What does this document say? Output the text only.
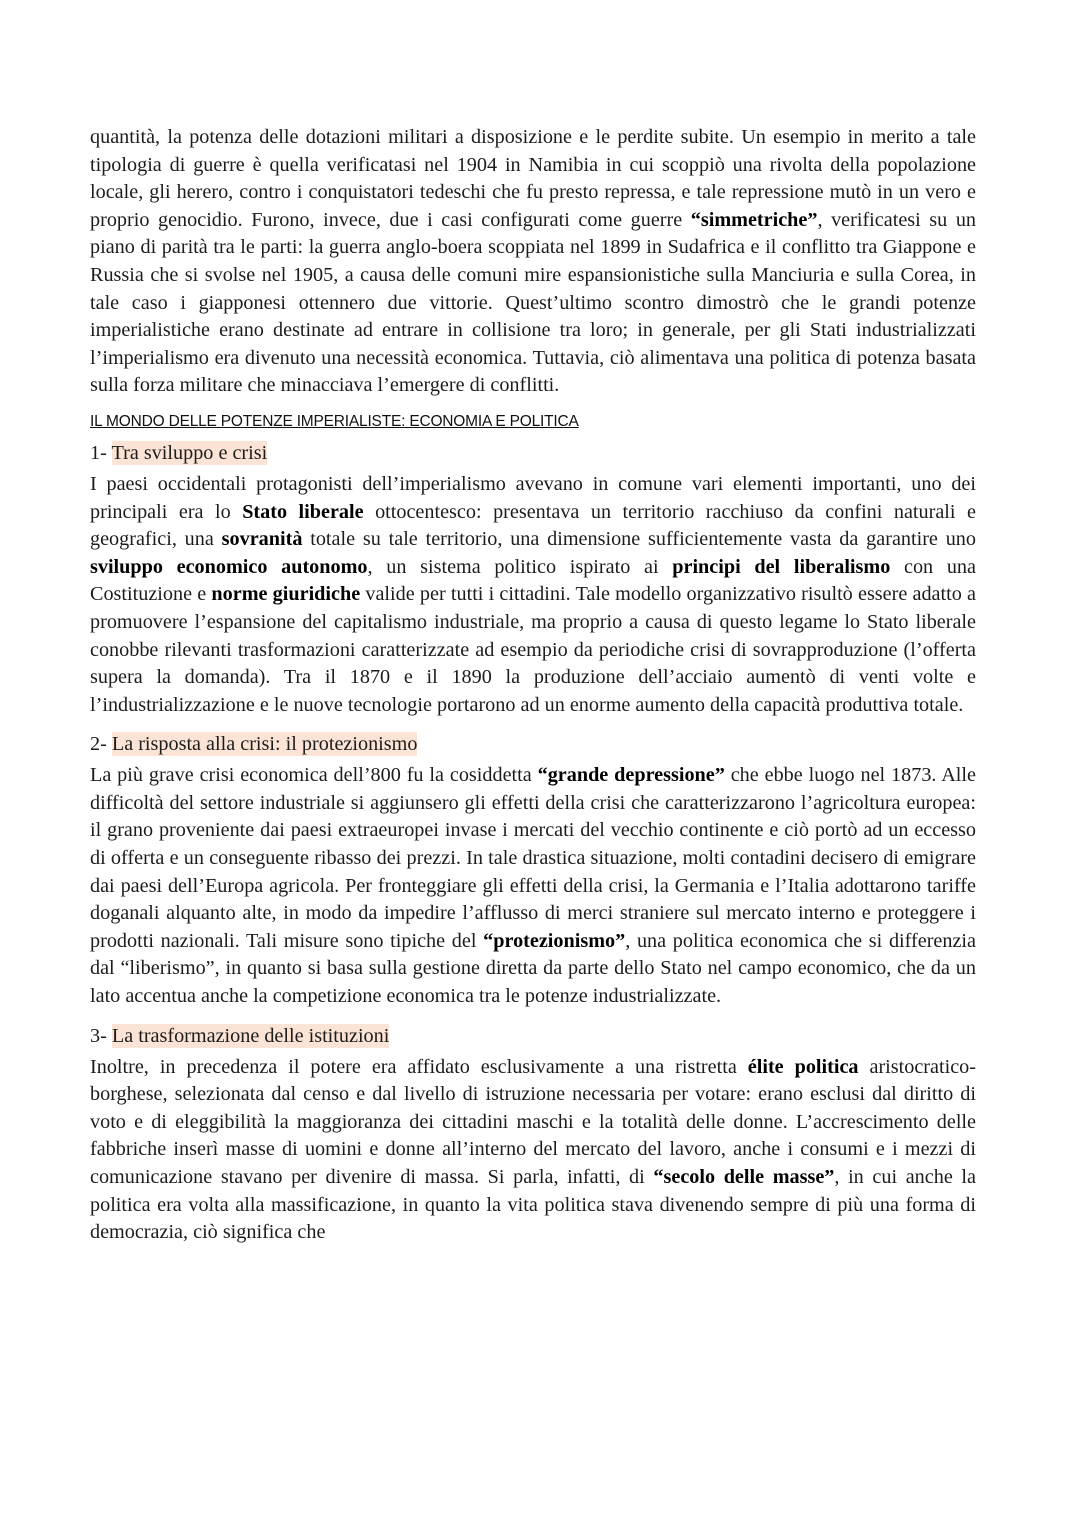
quantità, la potenza delle dotazioni militari a disposizione e le perdite subite. Un esempio in merito a tale tipologia di guerre è quella verificatasi nel 1904 in Namibia in cui scoppiò una rivolta della popolazione locale, gli herero, contro i conquistatori tedeschi che fu presto repressa, e tale repressione mutò in un vero e proprio genocidio. Furono, invece, due i casi configurati come guerre “simmetriche”, verificatesi su un piano di parità tra le parti: la guerra anglo-boera scoppiata nel 1899 in Sudafrica e il conflitto tra Giappone e Russia che si svolse nel 1905, a causa delle comuni mire espansionistiche sulla Manciuria e sulla Corea, in tale caso i giapponesi ottennero due vittorie. Quest’ultimo scontro dimostrò che le grandi potenze imperialistiche erano destinate ad entrare in collisione tra loro; in generale, per gli Stati industrializzati l’imperialismo era divenuto una necessità economica. Tuttavia, ciò alimentava una politica di potenza basata sulla forza militare che minacciava l’emergere di conflitti.

IL MONDO DELLE POTENZE IMPERIALISTE: ECONOMIA E POLITICA
1- Tra sviluppo e crisi

I paesi occidentali protagonisti dell’imperialismo avevano in comune vari elementi importanti, uno dei principali era lo Stato liberale ottocentesco: presentava un territorio racchiuso da confini naturali e geografici, una sovranità totale su tale territorio, una dimensione sufficientemente vasta da garantire uno sviluppo economico autonomo, un sistema politico ispirato ai principi del liberalismo con una Costituzione e norme giuridiche valide per tutti i cittadini. Tale modello organizzativo risultò essere adatto a promuovere l’espansione del capitalismo industriale, ma proprio a causa di questo legame lo Stato liberale conobbe rilevanti trasformazioni caratterizzate ad esempio da periodiche crisi di sovrapproduzione (l’offerta supera la domanda). Tra il 1870 e il 1890 la produzione dell’acciaio aumentò di venti volte e l’industrializzazione e le nuove tecnologie portarono ad un enorme aumento della capacità produttiva totale.

2- La risposta alla crisi: il protezionismo

La più grave crisi economica dell’800 fu la cosiddetta “grande depressione” che ebbe luogo nel 1873. Alle difficoltà del settore industriale si aggiunsero gli effetti della crisi che caratterizzarono l’agricoltura europea: il grano proveniente dai paesi extraeuropei invase i mercati del vecchio continente e ciò portò ad un eccesso di offerta e un conseguente ribasso dei prezzi. In tale drastica situazione, molti contadini decisero di emigrare dai paesi dell’Europa agricola. Per fronteggiare gli effetti della crisi, la Germania e l’Italia adottarono tariffe doganali alquanto alte, in modo da impedire l’afflusso di merci straniere sul mercato interno e proteggere i prodotti nazionali. Tali misure sono tipiche del “protezionismo”, una politica economica che si differenzia dal “liberismo”, in quanto si basa sulla gestione diretta da parte dello Stato nel campo economico, che da un lato accentua anche la competizione economica tra le potenze industrializzate.

3- La trasformazione delle istituzioni

Inoltre, in precedenza il potere era affidato esclusivamente a una ristretta élite politica aristocratico-borghese, selezionata dal censo e dal livello di istruzione necessaria per votare: erano esclusi dal diritto di voto e di eleggibilità la maggioranza dei cittadini maschi e la totalità delle donne. L’accrescimento delle fabbriche inserì masse di uomini e donne all’interno del mercato del lavoro, anche i consumi e i mezzi di comunicazione stavano per divenire di massa. Si parla, infatti, di “secolo delle masse”, in cui anche la politica era volta alla massificazione, in quanto la vita politica stava divenendo sempre di più una forma di democrazia, ciò significa che
